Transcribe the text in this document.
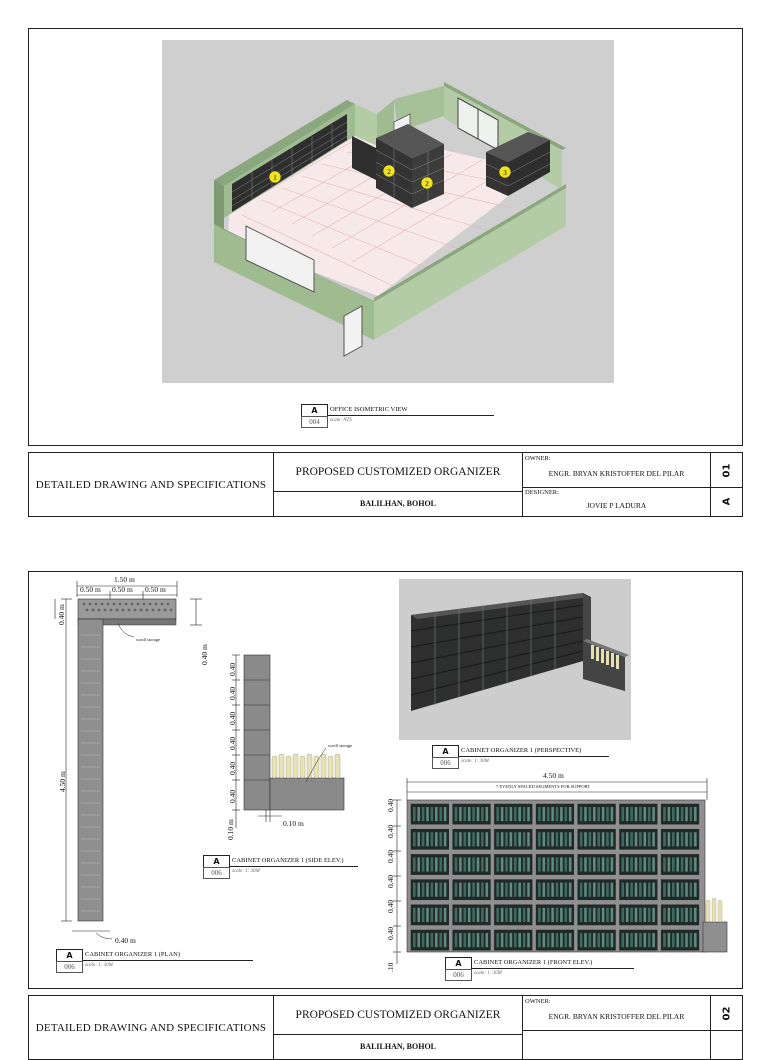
1
2
2
3
A
004
OFFICE ISOMETRIC VIEW
scale: NTS
DETAILED DRAWING AND SPECIFICATIONS
PROPOSED CUSTOMIZED ORGANIZER
BALILHAN, BOHOL
OWNER:
ENGR. BRYAN KRISTOFFER DEL PILAR
DESIGNER:
JOVIE P LADURA
01
A
1.50 m
0.50 m 0.50 m 0.50 m
0.40 m
0.40 m
4.50 m
0.40 m
scroll storage
A
006
CABINET ORGANIZER 1 (PLAN)
scale: 1: 30M
0.40
0.40
0.40
0.40
0.40
0.40
0.10 m	0.10 m
scroll storage
A
006
CABINET ORGANIZER 1 (SIDE ELEV.)
scale: 1: 30M
A
006
CABINET ORGANIZER 1 (PERSPECTIVE)
scale: 1: 30M
4.50 m
7 EVENLY SPACED SEGMENTS FOR SUPPORT
0.40
0.40
0.40
0.40
0.40
0.40
.10	A
006
CABINET ORGANIZER 1 (FRONT ELEV.)
scale: 1: 30M
DETAILED DRAWING AND SPECIFICATIONS
PROPOSED CUSTOMIZED ORGANIZER
BALILHAN, BOHOL
OWNER:
ENGR. BRYAN KRISTOFFER DEL PILAR	02
